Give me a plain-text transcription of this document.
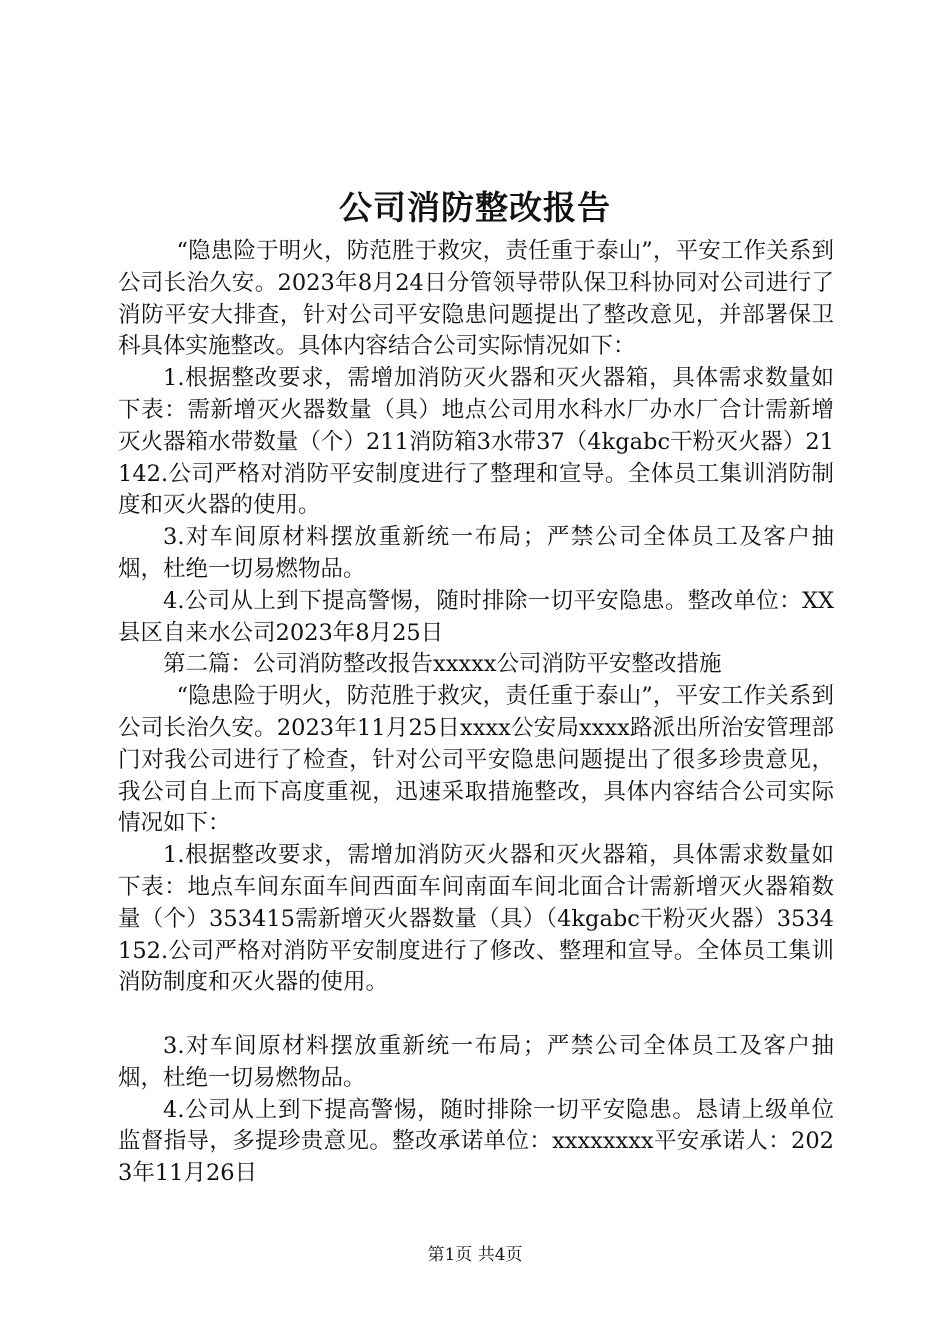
公司消防整改报告

“隐患险于明火，防范胜于救灾，责任重于泰山”，平安工作关系到公司长治久安。2023年8月24日分管领导带队保卫科协同对公司进行了消防平安大排查，针对公司平安隐患问题提出了整改意见，并部署保卫科具体实施整改。具体内容结合公司实际情况如下：

1.根据整改要求，需增加消防灭火器和灭火器箱，具体需求数量如下表：需新增灭火器数量（具）地点公司用水科水厂办水厂合计需新增灭火器箱水带数量（个）211消防箱3水带37（4kgabc干粉灭火器）21142.公司严格对消防平安制度进行了整理和宣导。全体员工集训消防制度和灭火器的使用。

3.对车间原材料摆放重新统一布局；严禁公司全体员工及客户抽烟，杜绝一切易燃物品。

4.公司从上到下提高警惕，随时排除一切平安隐患。整改单位：XX县区自来水公司2023年8月25日

第二篇：公司消防整改报告xxxxx公司消防平安整改措施

“隐患险于明火，防范胜于救灾，责任重于泰山”，平安工作关系到公司长治久安。2023年11月25日xxxx公安局xxxx路派出所治安管理部门对我公司进行了检查，针对公司平安隐患问题提出了很多珍贵意见，我公司自上而下高度重视，迅速采取措施整改，具体内容结合公司实际情况如下：

1.根据整改要求，需增加消防灭火器和灭火器箱，具体需求数量如下表：地点车间东面车间西面车间南面车间北面合计需新增灭火器箱数量（个）353415需新增灭火器数量（具）（4kgabc干粉灭火器）3534152.公司严格对消防平安制度进行了修改、整理和宣导。全体员工集训消防制度和灭火器的使用。

3.对车间原材料摆放重新统一布局；严禁公司全体员工及客户抽烟，杜绝一切易燃物品。

4.公司从上到下提高警惕，随时排除一切平安隐患。恳请上级单位监督指导，多提珍贵意见。整改承诺单位：xxxxxxxx平安承诺人：2023年11月26日

第1页 共4页
